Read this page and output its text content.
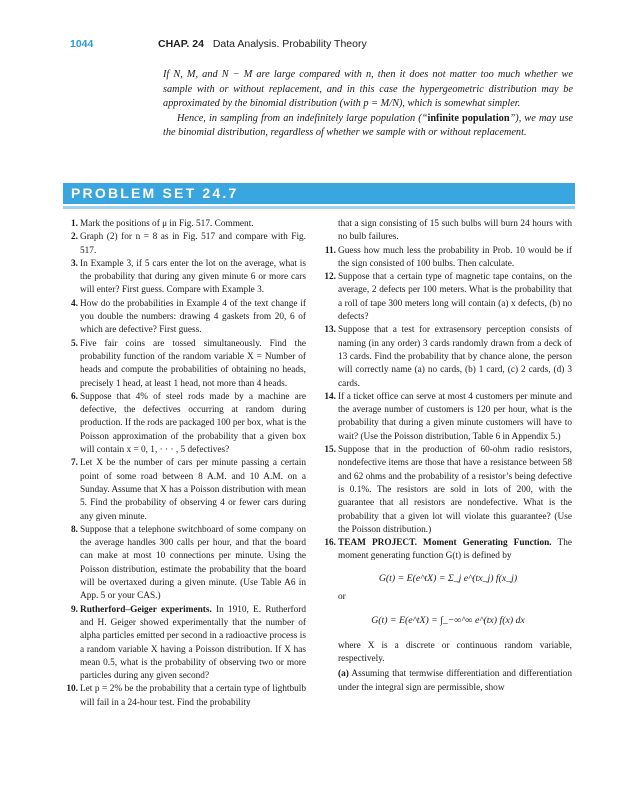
1044	CHAP. 24 Data Analysis. Probability Theory

If N, M, and N − M are large compared with n, then it does not matter too much whether we sample with or without replacement, and in this case the hypergeometric distribution may be approximated by the binomial distribution (with p = M/N), which is somewhat simpler.

Hence, in sampling from an indefinitely large population (“infinite population”), we may use the binomial distribution, regardless of whether we sample with or without replacement.

PROBLEM SET 24.7

1. Mark the positions of μ in Fig. 517. Comment.

2. Graph (2) for n = 8 as in Fig. 517 and compare with Fig. 517.

3. In Example 3, if 5 cars enter the lot on the average, what is the probability that during any given minute 6 or more cars will enter? First guess. Compare with Example 3.

4. How do the probabilities in Example 4 of the text change if you double the numbers: drawing 4 gaskets from 20, 6 of which are defective? First guess.

5. Five fair coins are tossed simultaneously. Find the probability function of the random variable X = Number of heads and compute the probabilities of obtaining no heads, precisely 1 head, at least 1 head, not more than 4 heads.

6. Suppose that 4% of steel rods made by a machine are defective, the defectives occurring at random during production. If the rods are packaged 100 per box, what is the Poisson approximation of the probability that a given box will contain x = 0, 1, · · · , 5 defectives?

7. Let X be the number of cars per minute passing a certain point of some road between 8 A.M. and 10 A.M. on a Sunday. Assume that X has a Poisson distribution with mean 5. Find the probability of observing 4 or fewer cars during any given minute.

8. Suppose that a telephone switchboard of some company on the average handles 300 calls per hour, and that the board can make at most 10 connections per minute. Using the Poisson distribution, estimate the probability that the board will be overtaxed during a given minute. (Use Table A6 in App. 5 or your CAS.)

9. Rutherford–Geiger experiments. In 1910, E. Rutherford and H. Geiger showed experimentally that the number of alpha particles emitted per second in a radioactive process is a random variable X having a Poisson distribution. If X has mean 0.5, what is the probability of observing two or more particles during any given second?

10. Let p = 2% be the probability that a certain type of lightbulb will fail in a 24-hour test. Find the probability

that a sign consisting of 15 such bulbs will burn 24 hours with no bulb failures.

11. Guess how much less the probability in Prob. 10 would be if the sign consisted of 100 bulbs. Then calculate.

12. Suppose that a certain type of magnetic tape contains, on the average, 2 defects per 100 meters. What is the probability that a roll of tape 300 meters long will contain (a) x defects, (b) no defects?

13. Suppose that a test for extrasensory perception consists of naming (in any order) 3 cards randomly drawn from a deck of 13 cards. Find the probability that by chance alone, the person will correctly name (a) no cards, (b) 1 card, (c) 2 cards, (d) 3 cards.

14. If a ticket office can serve at most 4 customers per minute and the average number of customers is 120 per hour, what is the probability that during a given minute customers will have to wait? (Use the Poisson distribution, Table 6 in Appendix 5.)

15. Suppose that in the production of 60-ohm radio resistors, nondefective items are those that have a resistance between 58 and 62 ohms and the probability of a resistor’s being defective is 0.1%. The resistors are sold in lots of 200, with the guarantee that all resistors are nondefective. What is the probability that a given lot will violate this guarantee? (Use the Poisson distribution.)

16. TEAM PROJECT. Moment Generating Function. The moment generating function G(t) is defined by

G(t) = E(e^tX) = Σ_j e^(tx_j) f(x_j)

or

G(t) = E(e^tX) = ∫_−∞^∞ e^(tx) f(x) dx

where X is a discrete or continuous random variable, respectively.

(a) Assuming that termwise differentiation and differentiation under the integral sign are permissible, show
